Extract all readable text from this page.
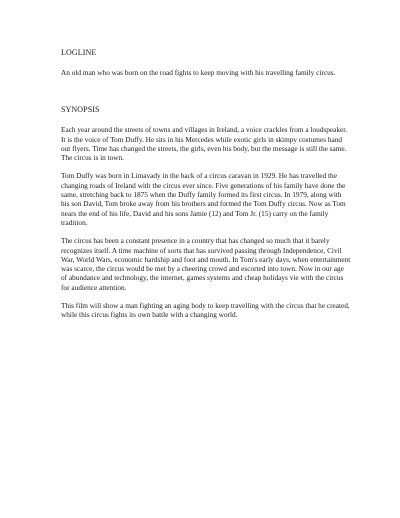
LOGLINE

An old man who was born on the road fights to keep moving with his travelling family circus.

SYNOPSIS

Each year around the streets of towns and villages in Ireland, a voice crackles from a loudspeaker. It is the voice of Tom Duffy. He sits in his Mercedes while exotic girls in skimpy costumes hand out flyers. Time has changed the streets, the girls, even his body, but the message is still the same. The circus is in town.

Tom Duffy was born in Limavady in the back of a circus caravan in 1929. He has travelled the changing roads of Ireland with the circus ever since. Five generations of his family have done the same, stretching back to 1875 when the Duffy family formed its first circus. In 1979, along with his son David, Tom broke away from his brothers and formed the Tom Duffy circus. Now as Tom nears the end of his life, David and his sons Jamie (12) and Tom Jr. (15) carry on the family tradition.

The circus has been a constant presence in a country that has changed so much that it barely recognizes itself. A time machine of sorts that has survived passing through Independence, Civil War, World Wars, economic hardship and foot and mouth. In Tom's early days, when entertainment was scarce, the circus would be met by a cheering crowd and escorted into town. Now in our age of abundance and technology, the internet, games systems and cheap holidays vie with the circus for audience attention.

This film will show a man fighting an aging body to keep travelling with the circus that he created, while this circus fights its own battle with a changing world.
